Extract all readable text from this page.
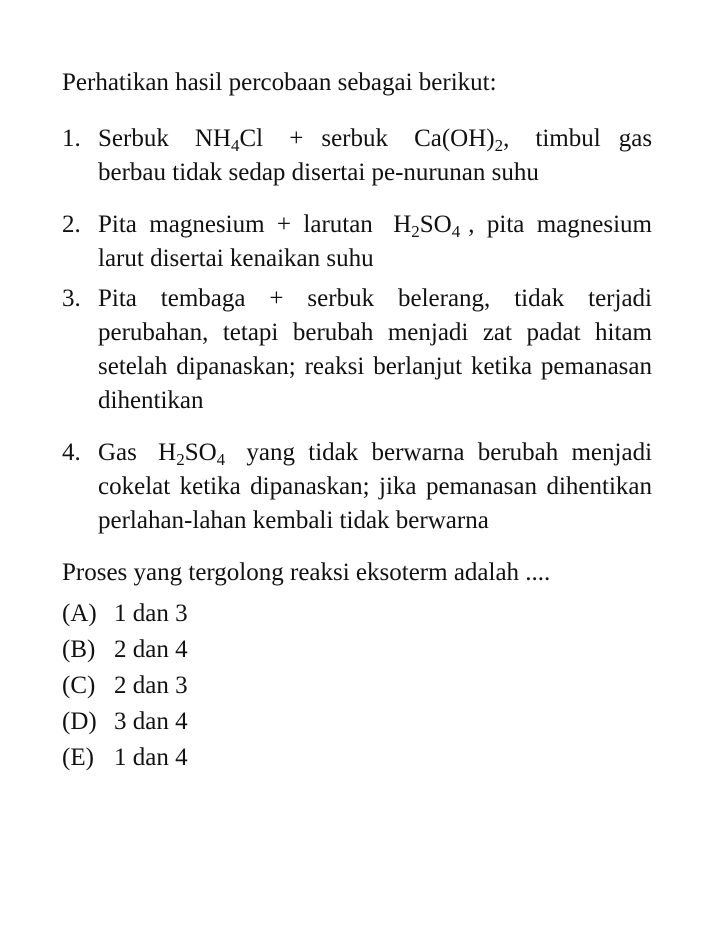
Perhatikan hasil percobaan sebagai berikut:

1. Serbuk $NH_4Cl$ + serbuk $Ca(OH)_2$, timbul gas berbau tidak sedap disertai pe-nurunan suhu
2. Pita magnesium + larutan $H_2SO_4$ , pita magnesium larut disertai kenaikan suhu
3. Pita tembaga + serbuk belerang, tidak terjadi perubahan, tetapi berubah menjadi zat padat hitam setelah dipanaskan; reaksi berlanjut ketika pemanasan dihentikan
4. Gas $H_2SO_4$ yang tidak berwarna berubah menjadi cokelat ketika dipanaskan; jika pemanasan dihentikan perlahan-lahan kembali tidak berwarna

Proses yang tergolong reaksi eksoterm adalah ....

(A) 1 dan 3
(B) 2 dan 4
(C) 2 dan 3
(D) 3 dan 4
(E) 1 dan 4
